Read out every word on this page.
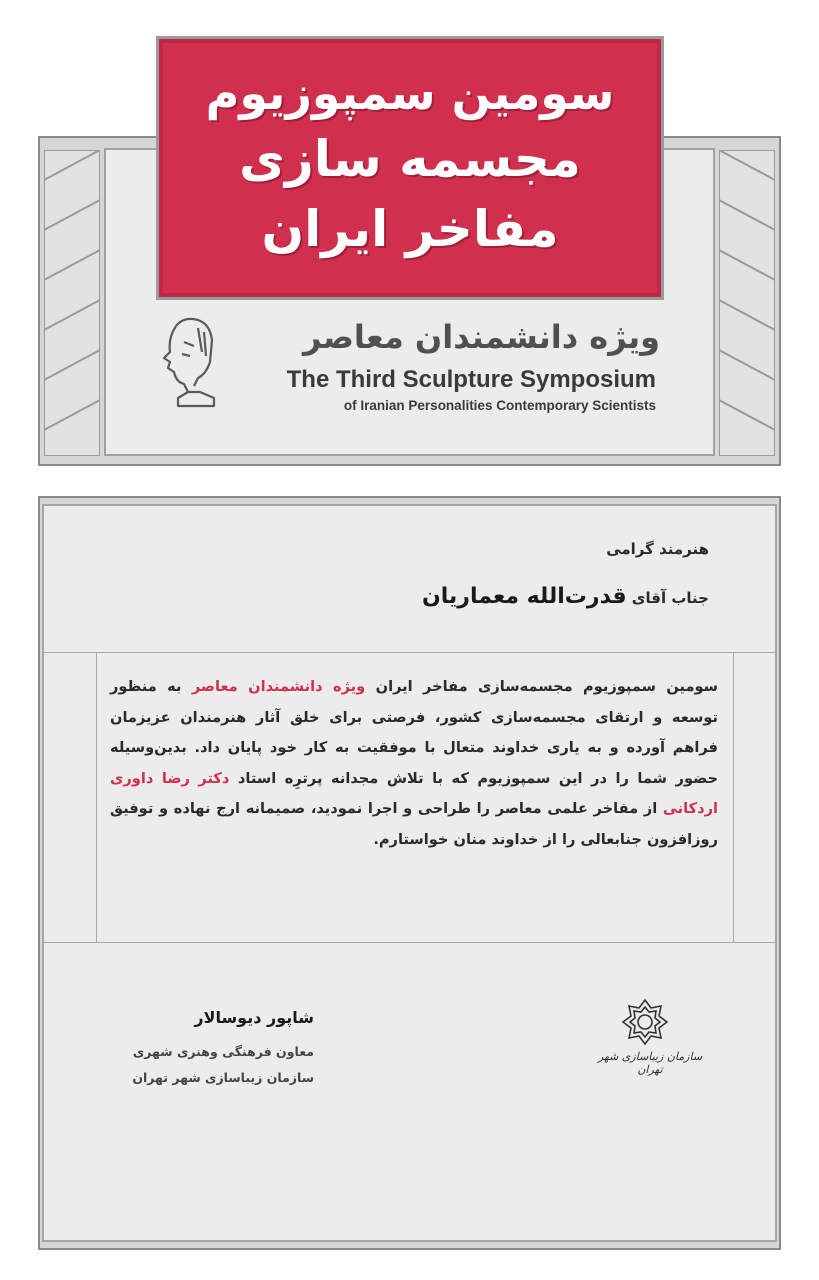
سومین سمپوزیوم
مجسمه سازی
مفاخر ایران
ویژه دانشمندان معاصر
The Third Sculpture Symposium
of Iranian Personalities Contemporary Scientists
هنرمند گرامی
جناب آقای قدرت‌الله معماریان
سومین سمپوزیوم مجسمه‌سازی مفاخر ایران ویژه دانشمندان معاصر به منظور توسعه و ارتقای مجسمه‌سازی کشور، فرصتی برای خلق آثار هنرمندان عزیزمان فراهم آورده و به یاری خداوند متعال با موفقیت به کار خود پایان داد. بدین‌وسیله حضور شما را در این سمپوزیوم که با تلاش مجدانه پرترِه استاد دکتر رضا داوری اردکانی از مفاخر علمی معاصر را طراحی و اجرا نمودید، صمیمانه ارج نهاده و توفیق روزافزون جنابعالی را از خداوند منان خواستارم.
شاپور دیوسالار
معاون فرهنگی وهنری شهری
سازمان زیباسازی شهر تهران
سازمان زیباسازی شهر تهران
